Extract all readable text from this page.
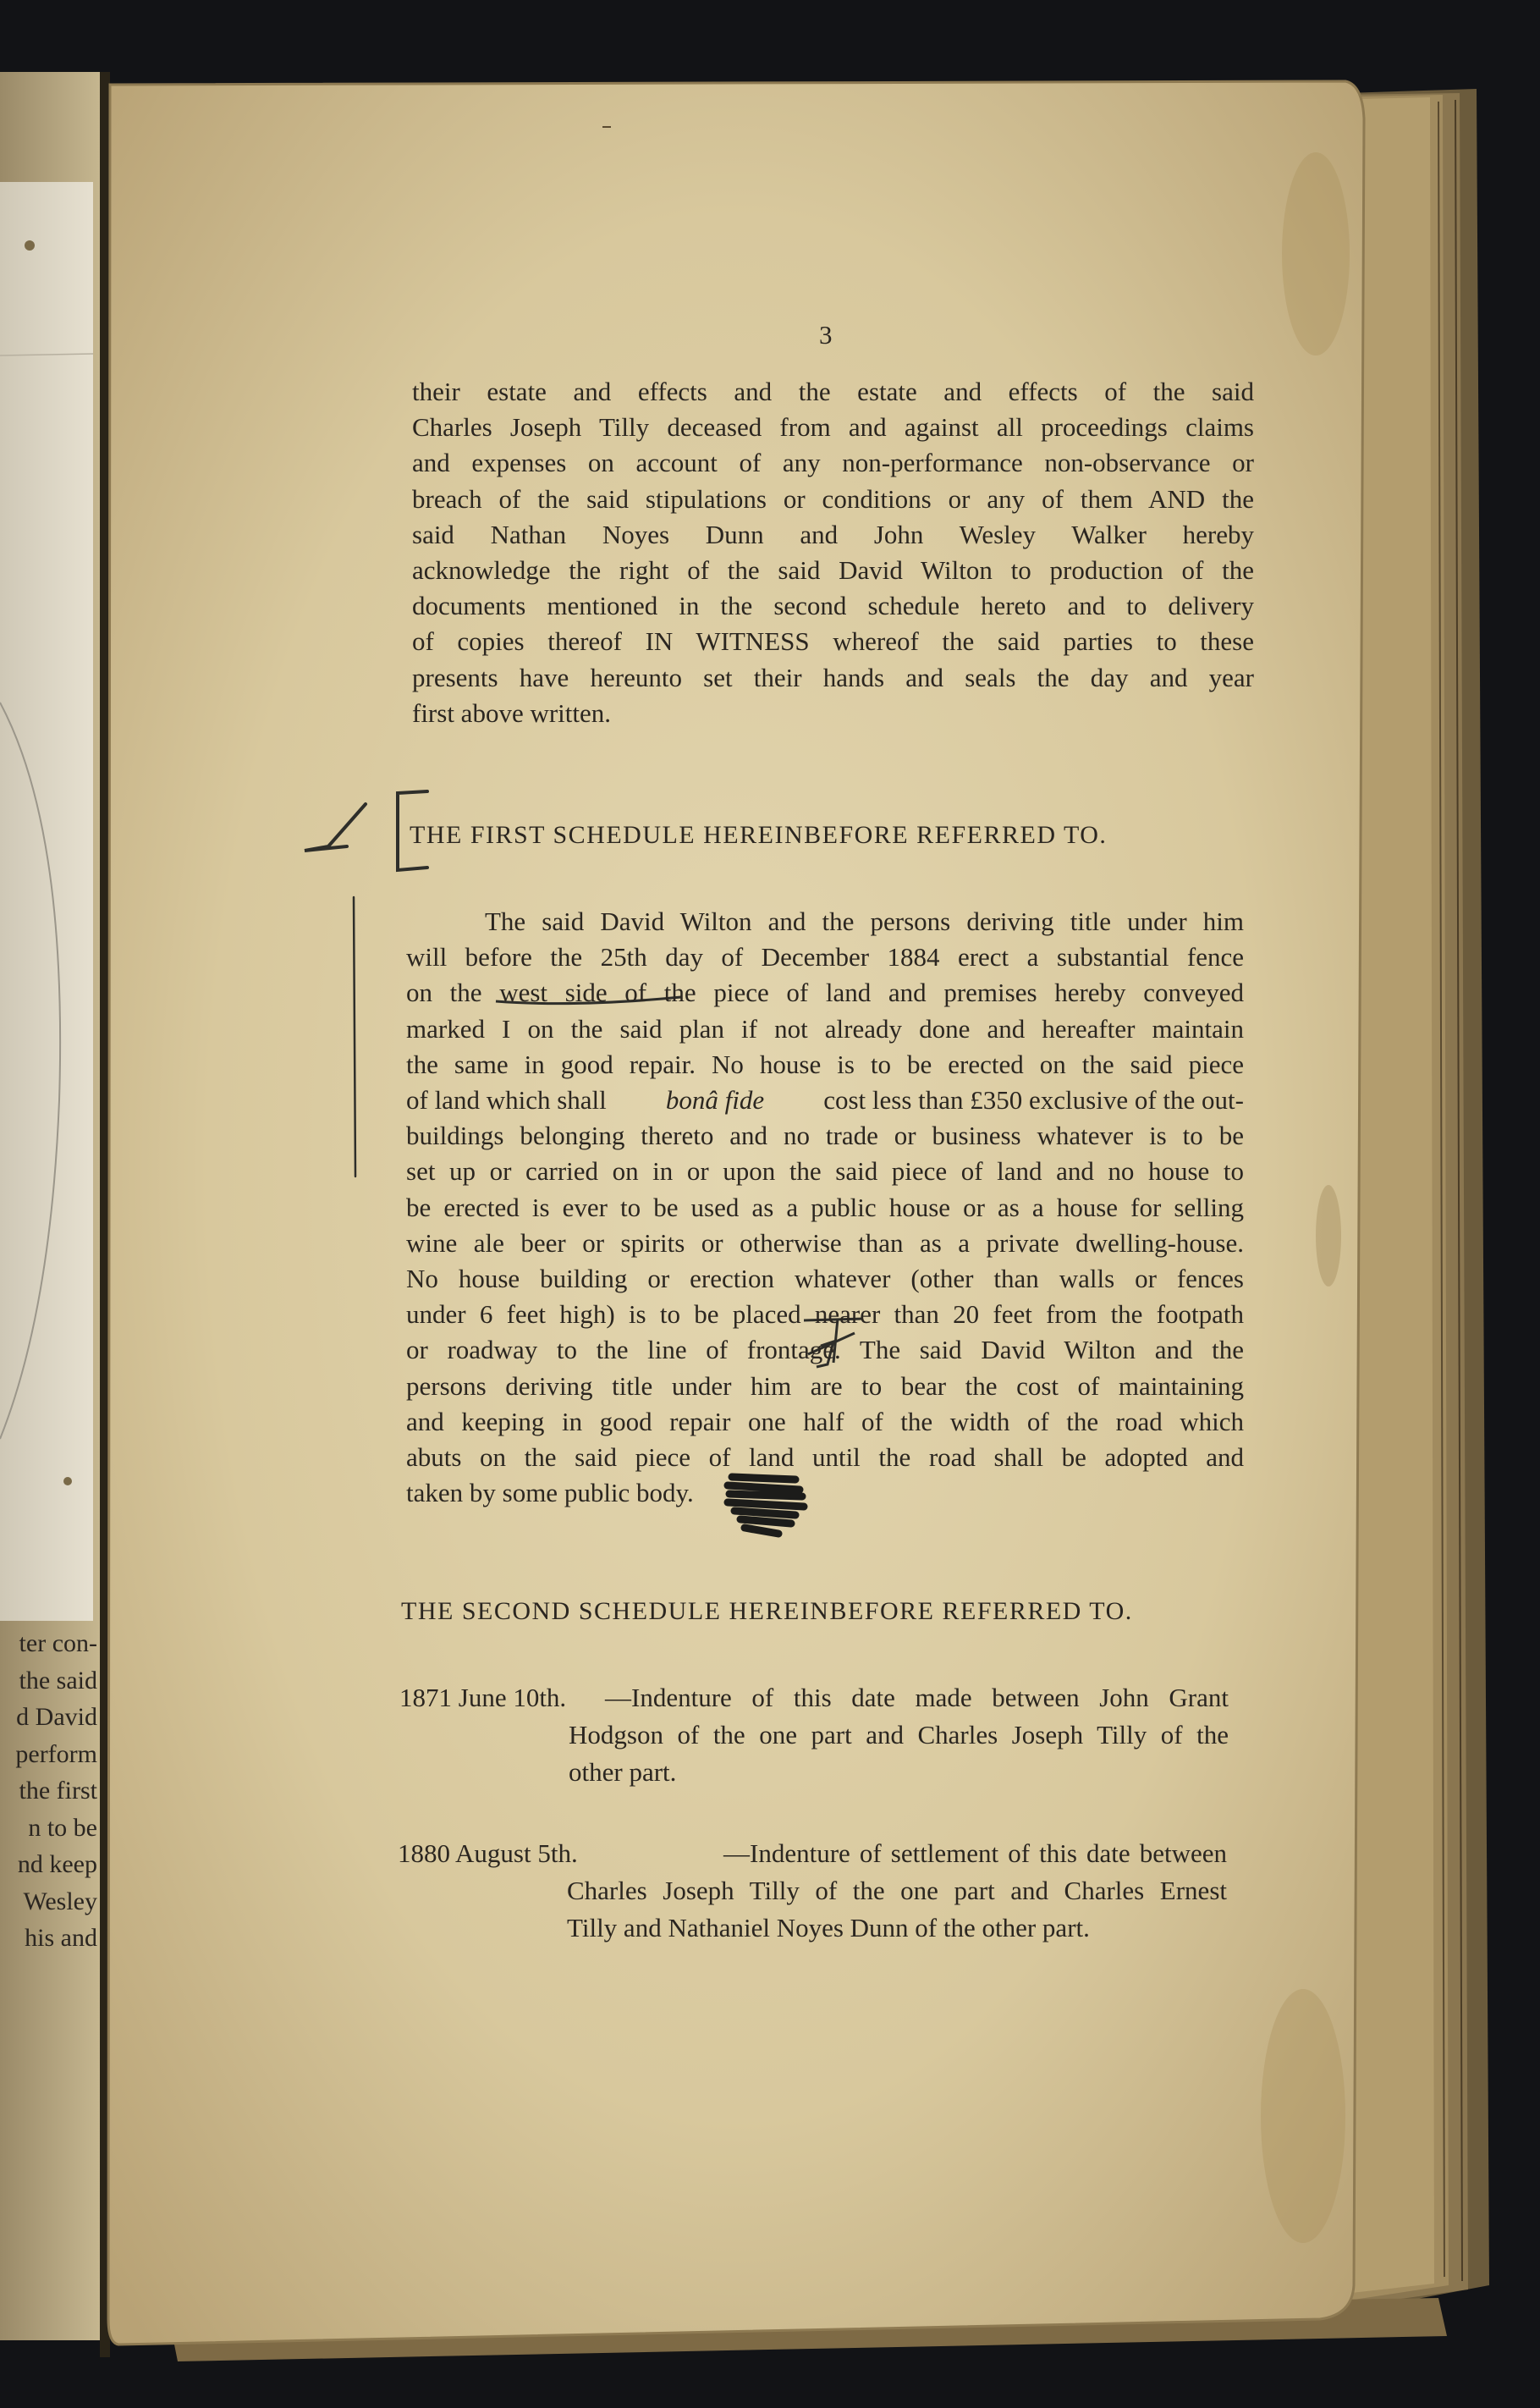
3
their estate and effects and the estate and effects of the said
Charles Joseph Tilly deceased from and against all proceedings claims
and expenses on account of any non-performance non-observance or
breach of the said stipulations or conditions or any of them AND the
said Nathan Noyes Dunn and John Wesley Walker hereby
acknowledge the right of the said David Wilton to production of the
documents mentioned in the second schedule hereto and to delivery
of copies thereof IN WITNESS whereof the said parties to these
presents have hereunto set their hands and seals the day and year
first above written.
THE FIRST SCHEDULE HEREINBEFORE REFERRED TO.
The said David Wilton and the persons deriving title under him
will before the 25th day of December 1884 erect a substantial fence
on the west side of the piece of land and premises hereby conveyed
marked I on the said plan if not already done and hereafter maintain
the same in good repair. No house is to be erected on the said piece
of land which shall bonâ fide cost less than £350 exclusive of the out-
buildings belonging thereto and no trade or business whatever is to be
set up or carried on in or upon the said piece of land and no house to
be erected is ever to be used as a public house or as a house for selling
wine ale beer or spirits or otherwise than as a private dwelling-house.
No house building or erection whatever (other than walls or fences
under 6 feet high) is to be placed nearer than 20 feet from the footpath
or roadway to the line of frontage. The said David Wilton and the
persons deriving title under him are to bear the cost of maintaining
and keeping in good repair one half of the width of the road which
abuts on the said piece of land until the road shall be adopted and
taken by some public body.
THE SECOND SCHEDULE HEREINBEFORE REFERRED TO.
1871 June 10th. —Indenture of this date made between John Grant
Hodgson of the one part and Charles Joseph Tilly of the
other part.
1880 August 5th.	—Indenture of settlement of this date between
Charles Joseph Tilly of the one part and Charles Ernest
Tilly and Nathaniel Noyes Dunn of the other part.
ter con-
the said
d David
perform
the first
n to be
nd keep
Wesley
his and
